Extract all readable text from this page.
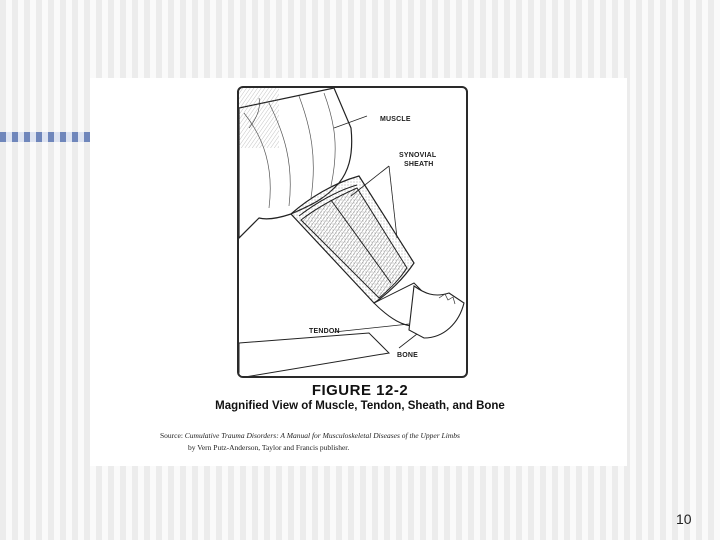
MUSCLE
SYNOVIAL
SHEATH
TENDON
BONE
FIGURE 12-2
Magnified View of Muscle, Tendon, Sheath, and Bone
Source: Cumulative Trauma Disorders: A Manual for Musculoskeletal Diseases of the Upper Limbs
by Vern Putz-Anderson, Taylor and Francis publisher.
10
